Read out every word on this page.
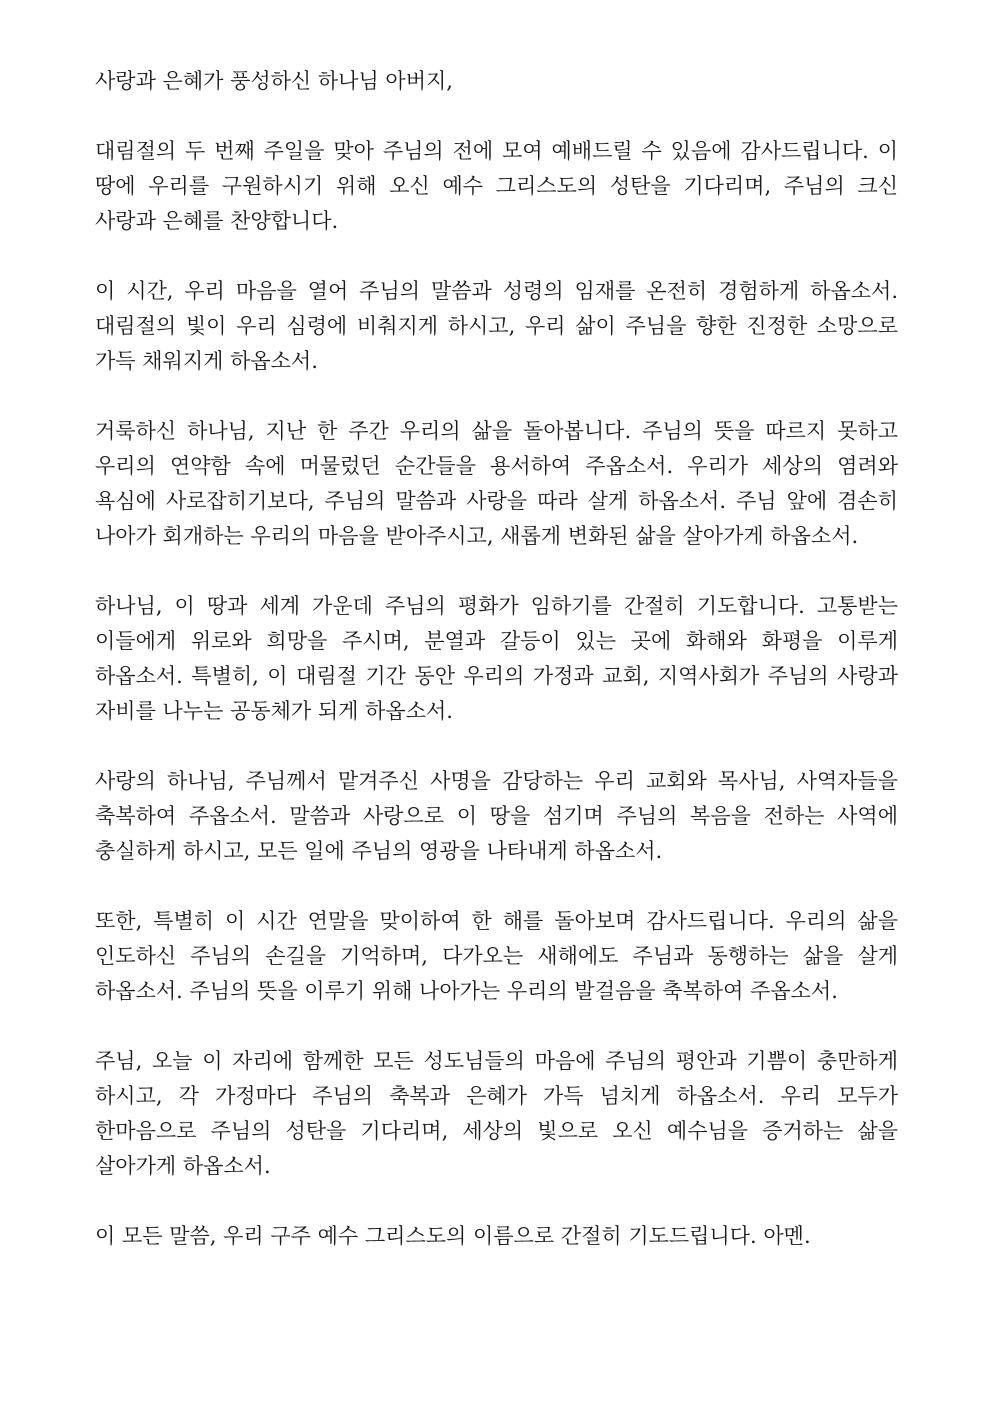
사랑과 은혜가 풍성하신 하나님 아버지,

대림절의 두 번째 주일을 맞아 주님의 전에 모여 예배드릴 수 있음에 감사드립니다. 이 땅에 우리를 구원하시기 위해 오신 예수 그리스도의 성탄을 기다리며, 주님의 크신 사랑과 은혜를 찬양합니다.

이 시간, 우리 마음을 열어 주님의 말씀과 성령의 임재를 온전히 경험하게 하옵소서. 대림절의 빛이 우리 심령에 비춰지게 하시고, 우리 삶이 주님을 향한 진정한 소망으로 가득 채워지게 하옵소서.

거룩하신 하나님, 지난 한 주간 우리의 삶을 돌아봅니다. 주님의 뜻을 따르지 못하고 우리의 연약함 속에 머물렀던 순간들을 용서하여 주옵소서. 우리가 세상의 염려와 욕심에 사로잡히기보다, 주님의 말씀과 사랑을 따라 살게 하옵소서. 주님 앞에 겸손히 나아가 회개하는 우리의 마음을 받아주시고, 새롭게 변화된 삶을 살아가게 하옵소서.

하나님, 이 땅과 세계 가운데 주님의 평화가 임하기를 간절히 기도합니다. 고통받는 이들에게 위로와 희망을 주시며, 분열과 갈등이 있는 곳에 화해와 화평을 이루게 하옵소서. 특별히, 이 대림절 기간 동안 우리의 가정과 교회, 지역사회가 주님의 사랑과 자비를 나누는 공동체가 되게 하옵소서.

사랑의 하나님, 주님께서 맡겨주신 사명을 감당하는 우리 교회와 목사님, 사역자들을 축복하여 주옵소서. 말씀과 사랑으로 이 땅을 섬기며 주님의 복음을 전하는 사역에 충실하게 하시고, 모든 일에 주님의 영광을 나타내게 하옵소서.

또한, 특별히 이 시간 연말을 맞이하여 한 해를 돌아보며 감사드립니다. 우리의 삶을 인도하신 주님의 손길을 기억하며, 다가오는 새해에도 주님과 동행하는 삶을 살게 하옵소서. 주님의 뜻을 이루기 위해 나아가는 우리의 발걸음을 축복하여 주옵소서.

주님, 오늘 이 자리에 함께한 모든 성도님들의 마음에 주님의 평안과 기쁨이 충만하게 하시고, 각 가정마다 주님의 축복과 은혜가 가득 넘치게 하옵소서. 우리 모두가 한마음으로 주님의 성탄을 기다리며, 세상의 빛으로 오신 예수님을 증거하는 삶을 살아가게 하옵소서.

이 모든 말씀, 우리 구주 예수 그리스도의 이름으로 간절히 기도드립니다. 아멘.
